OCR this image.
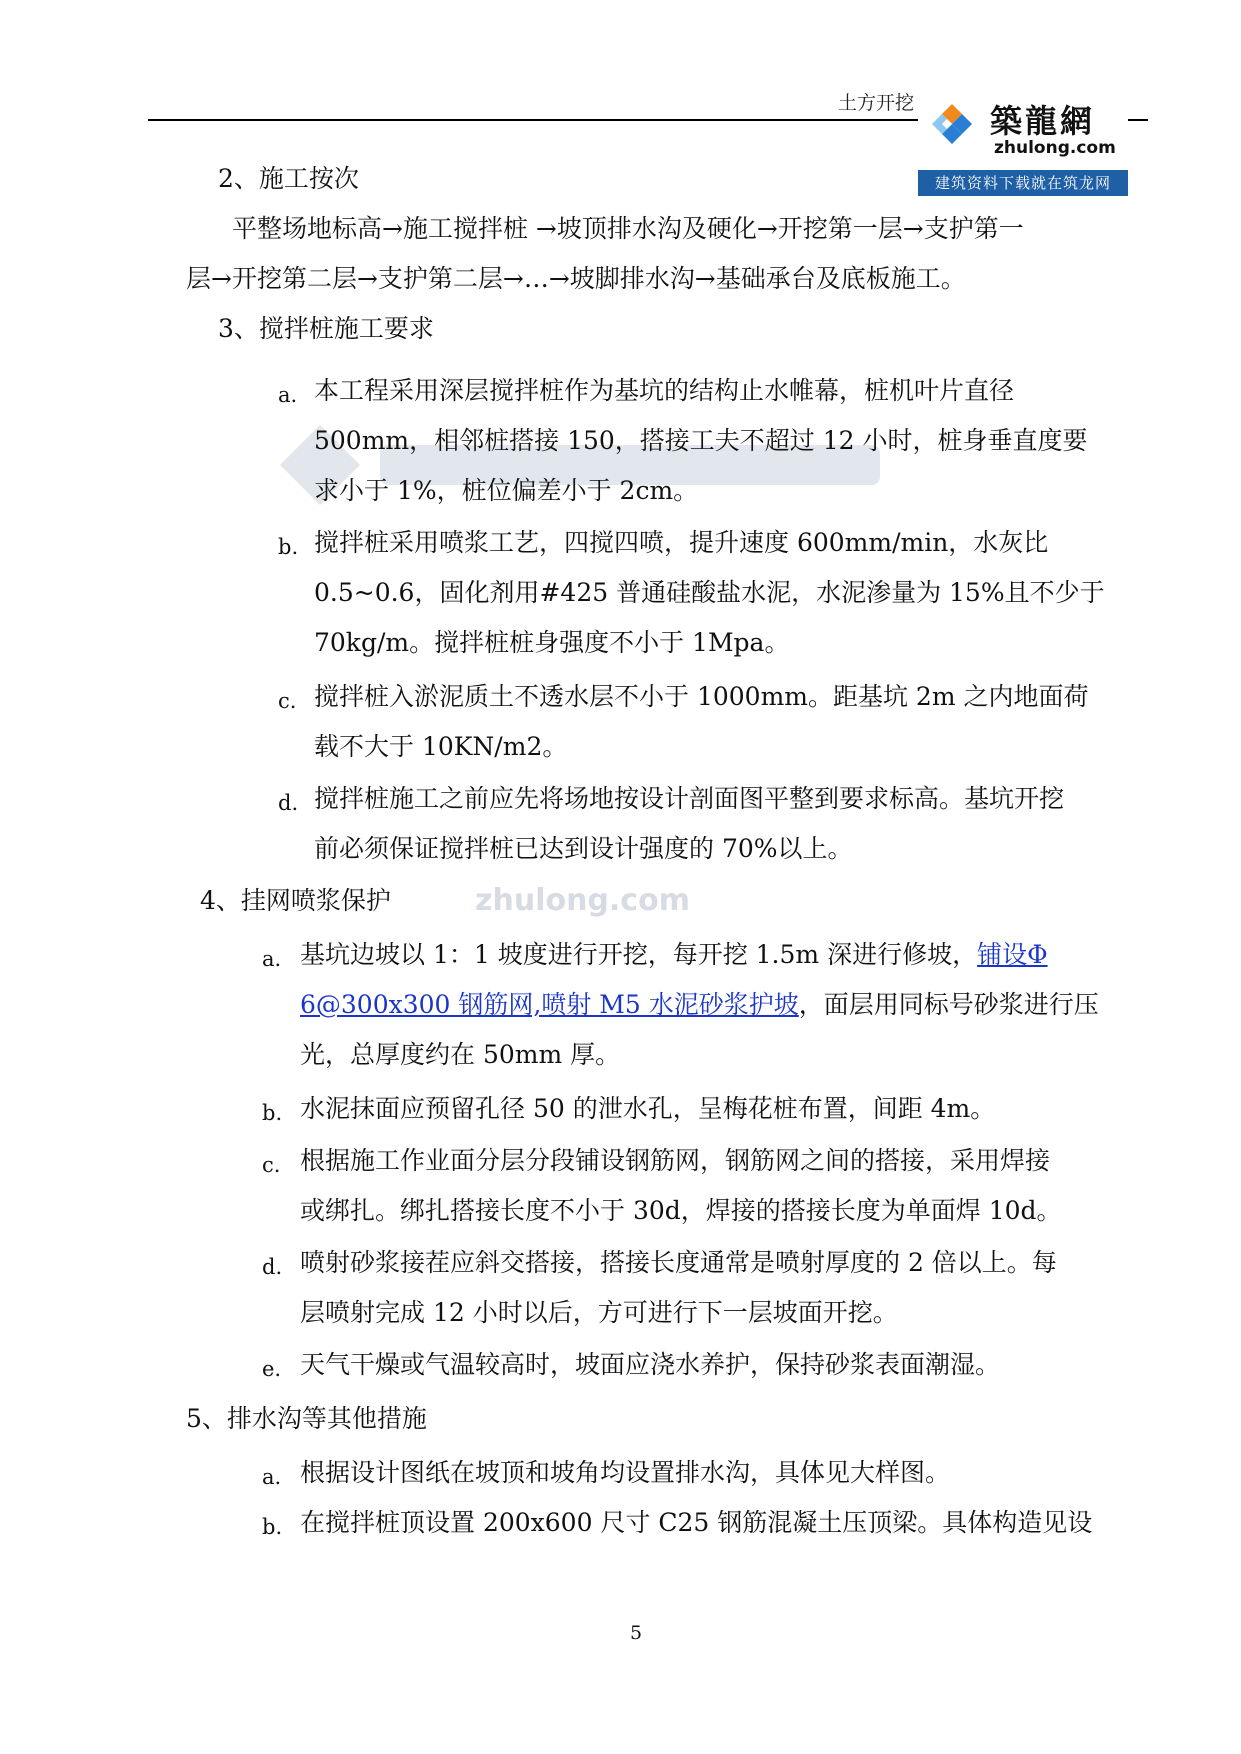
土方开挖 築龍網
zhulong.com
建筑资料下载就在筑龙网
zhulong.com
2、施工按次
平整场地标高→施工搅拌桩 →坡顶排水沟及硬化→开挖第一层→支护第一
层→开挖第二层→支护第二层→…→坡脚排水沟→基础承台及底板施工。
3、搅拌桩施工要求
a. 本工程采用深层搅拌桩作为基坑的结构止水帷幕，桩机叶片直径
500mm，相邻桩搭接 150，搭接工夫不超过 12 小时，桩身垂直度要
求小于 1%，桩位偏差小于 2cm。
b. 搅拌桩采用喷浆工艺，四搅四喷，提升速度 600mm/min，水灰比
0.5~0.6，固化剂用#425 普通硅酸盐水泥，水泥渗量为 15%且不少于
70kg/m。搅拌桩桩身强度不小于 1Mpa。
c. 搅拌桩入淤泥质土不透水层不小于 1000mm。距基坑 2m 之内地面荷
载不大于 10KN/m2。
d. 搅拌桩施工之前应先将场地按设计剖面图平整到要求标高。基坑开挖
前必须保证搅拌桩已达到设计强度的 70%以上。
4、挂网喷浆保护
a. 基坑边坡以 1：1 坡度进行开挖，每开挖 1.5m 深进行修坡，铺设Φ
6@300x300 钢筋网,喷射 M5 水泥砂浆护坡，面层用同标号砂浆进行压
光，总厚度约在 50mm 厚。
b. 水泥抹面应预留孔径 50 的泄水孔，呈梅花桩布置，间距 4m。
c. 根据施工作业面分层分段铺设钢筋网，钢筋网之间的搭接，采用焊接
或绑扎。绑扎搭接长度不小于 30d，焊接的搭接长度为单面焊 10d。
d. 喷射砂浆接茬应斜交搭接，搭接长度通常是喷射厚度的 2 倍以上。每
层喷射完成 12 小时以后，方可进行下一层坡面开挖。
e. 天气干燥或气温较高时，坡面应浇水养护，保持砂浆表面潮湿。
5、排水沟等其他措施
a. 根据设计图纸在坡顶和坡角均设置排水沟，具体见大样图。
b. 在搅拌桩顶设置 200x600 尺寸 C25 钢筋混凝土压顶梁。具体构造见设
5
